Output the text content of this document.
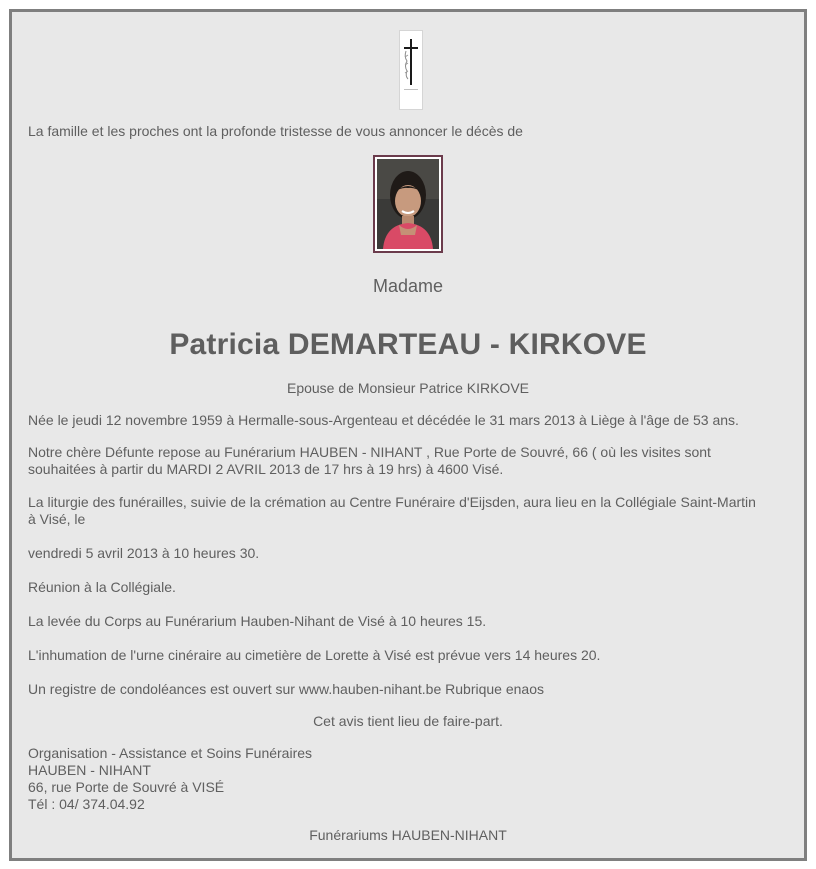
La famille et les proches ont la profonde tristesse de vous annoncer le décès de

Madame
Patricia DEMARTEAU - KIRKOVE

Epouse de Monsieur Patrice KIRKOVE

Née le jeudi 12 novembre 1959 à Hermalle-sous-Argenteau et décédée le 31 mars 2013 à Liège à l'âge de 53 ans.

Notre chère Défunte repose au Funérarium HAUBEN - NIHANT , Rue Porte de Souvré, 66 ( où les visites sont

souhaitées à partir du MARDI 2 AVRIL 2013 de 17 hrs à 19 hrs) à 4600 Visé.

La liturgie des funérailles, suivie de la crémation au Centre Funéraire d'Eijsden, aura lieu en la Collégiale Saint-Martin

à Visé, le

vendredi 5 avril 2013 à 10 heures 30.

Réunion à la Collégiale.

La levée du Corps au Funérarium Hauben-Nihant de Visé à 10 heures 15.

L'inhumation de l'urne cinéraire au cimetière de Lorette à Visé est prévue vers 14 heures 20.

Un registre de condoléances est ouvert sur www.hauben-nihant.be Rubrique enaos

Cet avis tient lieu de faire-part.

Organisation - Assistance et Soins Funéraires

HAUBEN - NIHANT

66, rue Porte de Souvré à VISÉ

Tél : 04/ 374.04.92

Funérariums HAUBEN-NIHANT
